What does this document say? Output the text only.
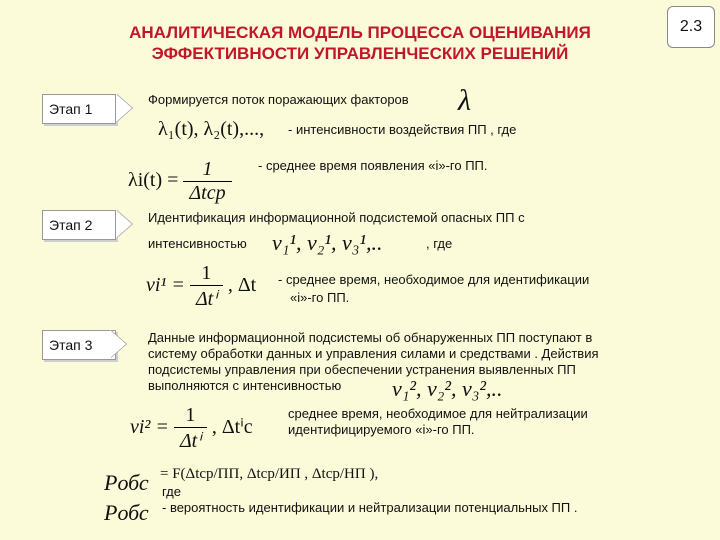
АНАЛИТИЧЕСКАЯ МОДЕЛЬ ПРОЦЕССА ОЦЕНИВАНИЯ
ЭФФЕКТИВНОСТИ УПРАВЛЕНЧЕСКИХ РЕШЕНИЙ
2.3
Этап 1
Формируется поток поражающих факторов λ
λ₁(t), λ₂(t),..., - интенсивности воздействия ПП , где
$\lambda i(t) = \frac{1}{\text{Δtср}}$ - среднее время появления «i»-го ПП.
Этап 2	Идентификация информационной подсистемой опасных ПП с
интенсивностью ν₁¹, ν₂¹, ν₃¹,..	, где
$\nu i^1 = \frac{1}{\text{Δtⁱ}}$ , Δt - среднее время, необходимое для идентификации
«i»-го ПП.
Этап 3	Данные информационной подсистемы об обнаруженных ПП поступают в
систему обработки данных и управления силами и средствами . Действия
подсистемы управления при обеспечении устранения выявленных ПП
выполняются с интенсивностью ν₁², ν₂², ν₃²,..
$\nu i^2 = \frac{1}{\text{Δtⁱ}}$ , Δtⁱc
среднее время, необходимое для нейтрализации
идентифицируемого «i»-го ПП.
Pобс = F(Δtср/ПП, Δtср/ИП , Δtср/НП ),
где
Pобс - вероятность идентификации и нейтрализации потенциальных ПП .
